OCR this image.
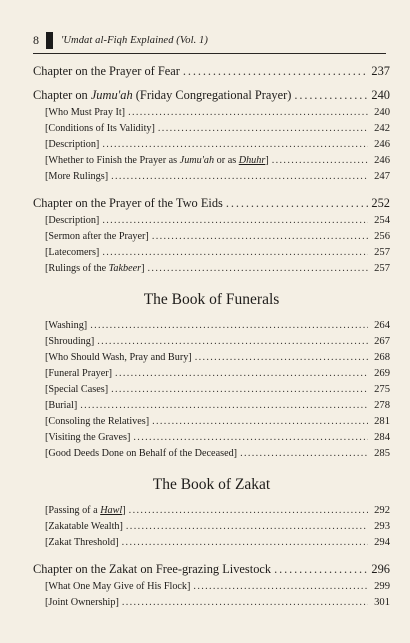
8 'Umdat al-Fiqh Explained (Vol. 1)
Chapter on the Prayer of Fear . . .	237
Chapter on Jumu'ah (Friday Congregational Prayer) . . .	240
[Who Must Pray It] . . .	240
[Conditions of Its Validity] . . .	242
[Description] . . .	246
[Whether to Finish the Prayer as Jumu'ah or as Dhuhr] . . .	246
[More Rulings] . . .	247
Chapter on the Prayer of the Two Eids . . .	252
[Description] . . .	254
[Sermon after the Prayer] . . .	256
[Latecomers] . . .	257
[Rulings of the Takbeer] . . .	257
The Book of Funerals
[Washing] . . .	264
[Shrouding] . . .	267
[Who Should Wash, Pray and Bury] . . .	268
[Funeral Prayer] . . .	269
[Special Cases] . . .	275
[Burial] . . .	278
[Consoling the Relatives] . . .	281
[Visiting the Graves] . . .	284
[Good Deeds Done on Behalf of the Deceased] . . .	285
The Book of Zakat
[Passing of a Hawl] . . .	292
[Zakatable Wealth] . . .	293
[Zakat Threshold] . . .	294
Chapter on the Zakat on Free-grazing Livestock . . .	296
[What One May Give of His Flock] . . .	299
[Joint Ownership] . . .	301
